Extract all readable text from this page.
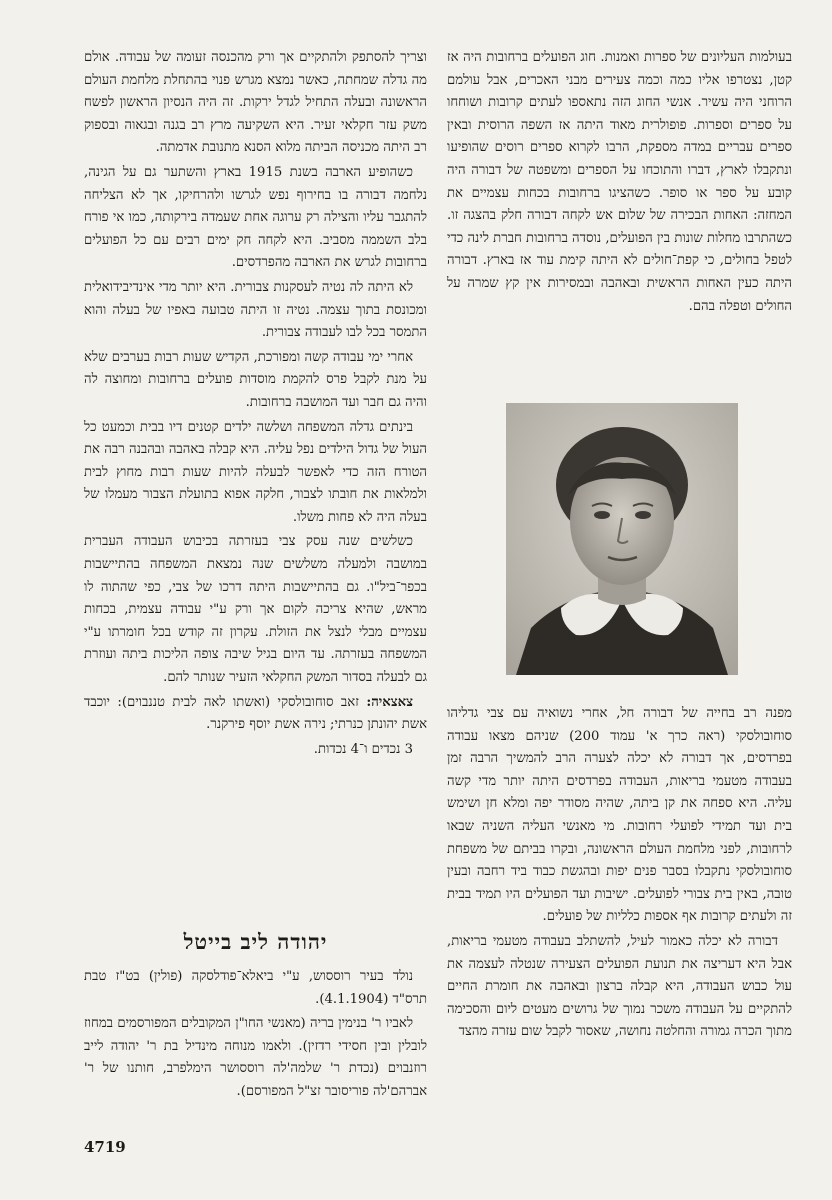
בעולמות העליונים של ספרות ואמנות. חוג הפועלים ברחובות היה אז קטן, נצטרפו אליו כמה וכמה צעירים מבני האכרים, אבל עולמם הרוחני היה עשיר. אנשי החוג הזה נתאספו לעתים קרובות ושוחחו על ספרים וספרות. פופולרית מאוד היתה אז השפה הרוסית ובאין ספרים עבריים במדה מספקת, הרבו לקרוא ספרים רוסים שהופיעו ונתקבלו לארץ, דברו והתוכחו על הספרים ומשפטה של דבורה היה קובע על ספר או סופר. כשהציגו ברחובות בכחות עצמיים את המחזה: האחות הבכירה של שלום אש לקחה דבורה חלק בהצגה זו. כשהתרבו מחלות שונות בין הפועלים, נוסדה ברחובות חברת לינה כדי לטפל בחולים, כי קפת־חולים לא היתה קימת עוד אז בארץ. דבורה היתה כעין האחות הראשית ובאהבה ובמסירות אין קץ שמרה על החולים וטפלה בהם.

מפנה רב בחייה של דבורה חל, אחרי נשואיה עם צבי גדליהו סוחובולסקי (ראה כרך א' עמוד 200) שניהם מצאו עבודה בפרדסים, אך דבורה לא יכלה לצערה הרב להמשיך הרבה זמן בעבודה מטעמי בריאות, העבודה בפרדסים היתה יותר מדי קשה עליה. היא ספחה את קן ביתה, שהיה מסודר יפה ומלא חן ושימש בית ועד תמידי לפועלי רחובות. מי מאנשי העליה השניה שבאו לרחובות, לפני מלחמת העולם הראשונה, ובקרו בביתם של משפחת סוחובולסקי נתקבלו בסבר פנים יפות ובהגשת כבוד ביד רחבה ובעין טובה, באין בית צבורי לפועלים. ישיבות ועד הפועלים היו תמיד בבית זה ולעתים קרובות אף אספות כלליות של פועלים.

דבורה לא יכלה כאמור לעיל, להשתלב בעבודה מטעמי בריאות, אבל היא דעריצה את תנועת הפועלים הצעירה שנטלה לעצמה את עול כבוש העבודה, היא קבלה ברצון ובאהבה את חומרת החיים להתקיים על העבודה משכר נמוך של גרושים מעטים ליום והסכימה מתוך הכרה גמורה והחלטה נחושה, שאסור לקבל שום עזרה מהצד

וצריך להסתפק ולהתקיים אך ורק מהכנסה זעומה של עבודה. אולם מה גדלה שמחתה, כאשר נמצא מגרש פנוי בהתחלת מלחמת העולם הראשונה ובעלה התחיל לגדל ירקות. זה היה הנסיון הראשון לפשח משק עזר חקלאי זעיר. היא השקיעה מרץ רב בגנה ובגאוה ובספוק רב היתה מכניסה הביתה מלוא הסנא מתנובת אדמתה.

כשהופיע הארבה בשנת 1915 בארץ והשתער גם על הגינה, נלחמה דבורה בו בחירוף נפש לגרשו ולהרחיקו, אך לא הצליחה להתגבר עליו והצילה רק ערוגה אחת שעמדה בירקותה, כמו אי פורח בלב השממה מסביב. היא לקחה חק ימים רבים עם כל הפועלים ברחובות לגרש את הארבה מהפרדסים.

לא היתה לה נטיה לעסקנות צבורית. היא יותר מדי אינדיבידואלית ומכונסת בתוך עצמה. נטיה זו היתה טבועה באפיו של בעלה והוא התמסר בכל לבו לעבודה צבורית.

אחרי ימי עבודה קשה ומפורכת, הקדיש שעות רבות בערבים שלא על מנת לקבל פרס להקמת מוסדות פועלים ברחובות ומחוצה לה והיה גם חבר ועד המושבה ברחובות.

בינתים גדלה המשפחה ושלשה ילדים קטנים דיו בבית וכמעט כל העול של גדול הילדים נפל עליה. היא קבלה באהבה ובהבנה רבה את הטורח הזה כדי לאפשר לבעלה להיות שעות רבות מחוץ לבית ולמלאות את חובתו לצבור, חלקה אפוא בתועלת הצבור מעמלו של בעלה היה לא פחות משלו.

כשלשים שנה עסק צבי בעזרתה בכיבוש העבודה העברית במושבה ולמעלה משלשים שנה נמצאת המשפחה בהתיישבות בכפר־ביל"ו. גם בהתיישבות היתה דרכו של צבי, כפי שהתוה לו מראש, שהיא צריכה לקום אך ורק ע"י עבודה עצמית, בכחות עצמיים מבלי לנצל את הזולת. עקרון זה קודש בכל חומרתו ע"י המשפחה בעזרתה. עד היום בגיל שיבה צופה הליכות ביתה ועוזרת גם לבעלה בסדור המשק החקלאי הזעיר שנותר להם.

צאצאיה: זאב סוחובולסקי (ואשתו לאה לבית טננבוים): יוכבד אשת יהונתן כנרתי; נירה אשת יוסף פירקנר.

3 נכדים ו־4 נכדות.

יהודה ליב בייטל

נולד בעיר רוססוש, ע"י ביאלא־פודלסקה (פולין) בט"ז טבת תרס"ד (4.1.1904).

לאביו ר' בנימין בריה (מאנשי החו"ן המקובלים המפורסמים במחוז לובלין ובין חסידי רדזין). ולאמו מנוחה מינדיל בת ר' יהודה לייב רוזנבוים (נכדת ר' שלמה'לה רוססושר הימלפרב, חותנו של ר' אברהם'לה פוריסובר זצ"ל המפורסם).

4719
